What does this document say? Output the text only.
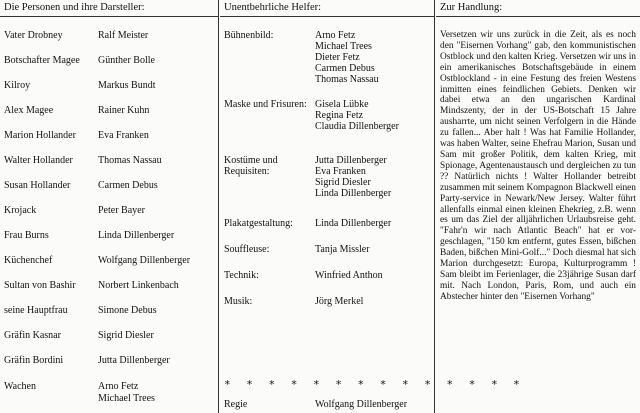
Die Personen und ihre Darsteller:
Vater Drobney	Ralf Meister
Botschafter Magee Günther Bolle
Kilroy	Markus Bundt
Alex Magee	Rainer Kuhn
Marion Hollander Eva Franken
Walter Hollander	Thomas Nassau
Susan Hollander	Carmen Debus
Krojack	Peter Bayer
Frau Burns	Linda Dillenberger
Küchenchef	Wolfgang Dillenberger
Sultan von Bashir Norbert Linkenbach
seine Hauptfrau	Simone Debus
Gräfin Kasnar	Sigrid Diesler
Gräfin Bordini	Jutta Dillenberger
Wachen	Arno Fetz
Michael Trees
Unentbehrliche Helfer:
Bühnenbild:	Arno Fetz
Michael Trees
Dieter Fetz
Carmen Debus
Thomas Nassau
Maske und Frisuren: Gisela Lübke
Regina Fetz
Claudia Dillenberger
Kostüme und
Requisiten:
Jutta Dillenberger
Eva Franken
Sigrid Diesler
Linda Dillenberger
Plakatgestaltung: Linda Dillenberger
Souffleuse:	Tanja Missler
Technik:	Winfried Anthon
Musik:	Jörg Merkel
* * * * * * * * * * * * * *
Regie	Wolfgang Dillenberger
Zur Handlung:

Versetzen wir uns zurück in die Zeit, als es noch den "Eisernen Vorhang" gab, den kommunistischen Ostblock und den kalten Krieg. Versetzen wir uns in ein amerikanisches Botschaftsgebäude in einem Ostblockland - in eine Festung des freien Westens inmitten eines feindlichen Gebiets. Denken wir dabei etwa an den ungarischen Kardinal Mindszenty, der in der US-Botschaft 15 Jahre ausharrte, um nicht seinen Verfolgern in die Hände zu fallen... Aber halt ! Was hat Familie Hollander, was haben Walter, seine Ehefrau Marion, Susan und Sam mit großer Politik, dem kalten Krieg, mit Spionage, Agentenaustausch und dergleichen zu tun ?? Natürlich nichts ! Walter Hollander betreibt zusammen mit seinem Kompagnon Blackwell einen Party-service in Newark/New Jersey. Walter führt allenfalls einmal einen kleinen Ehekrieg, z.B. wenn es um das Ziel der alljährlichen Urlaubsreise geht. "Fahr'n wir nach Atlantic Beach" hat er vor-geschlagen, "150 km entfernt, gutes Essen, bißchen Baden, bißchen Mini-Golf..." Doch diesmal hat sich Marion durchgesetzt: Europa, Kulturprogramm ! Sam bleibt im Ferienlager, die 23jährige Susan darf mit. Nach London, Paris, Rom, und auch ein Abstecher hinter den "Eisernen Vorhang"
